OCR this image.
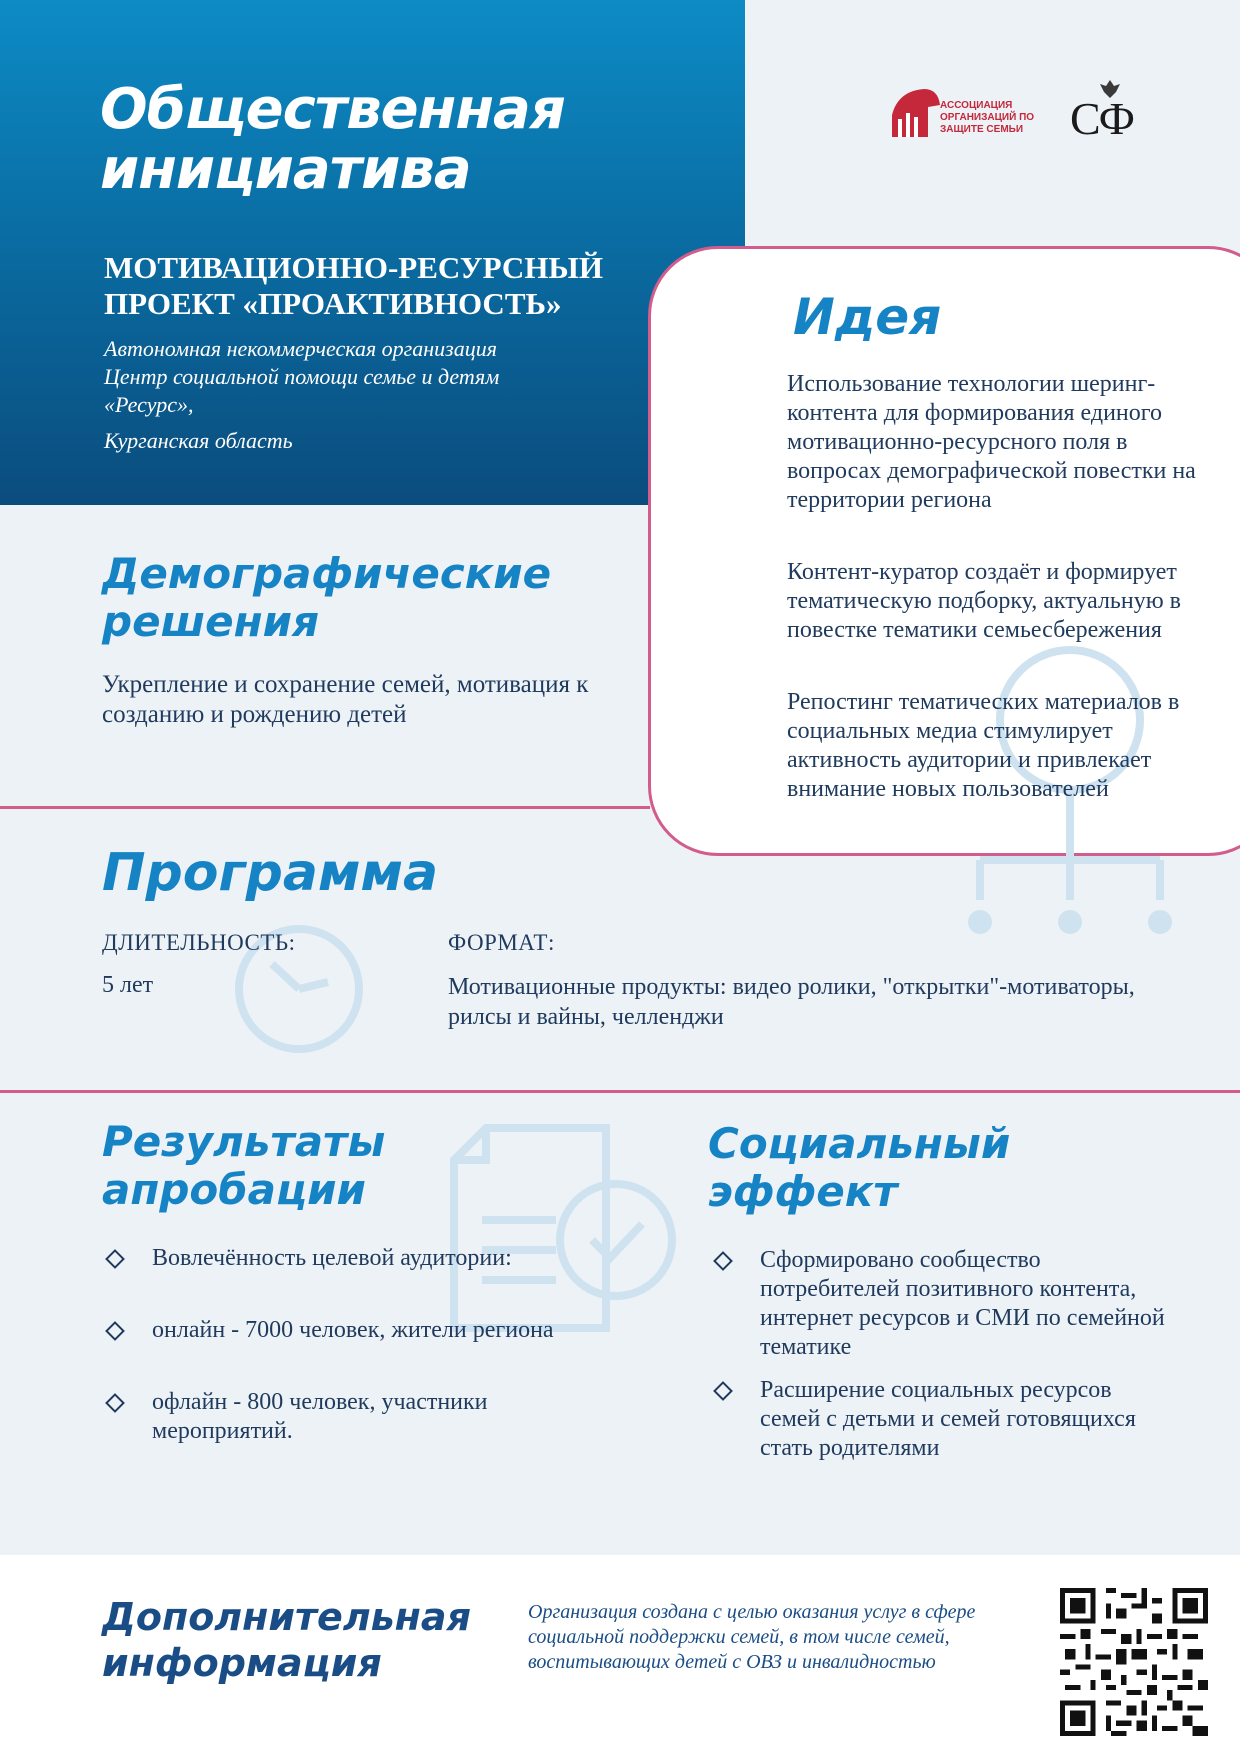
Общественная инициатива
МОТИВАЦИОННО-РЕСУРСНЫЙ ПРОЕКТ «ПРОАКТИВНОСТЬ»
Автономная некоммерческая организация
Центр социальной помощи семье и детям
«Ресурс»,
Курганская область
АССОЦИАЦИЯ ОРГАНИЗАЦИЙ ПО ЗАЩИТЕ СЕМЬИ	СФ
Идея
Использование технологии шеринг-контента для формирования единого мотивационно-ресурсного поля в вопросах демографической повестки на территории региона
Контент-куратор создаёт и формирует тематическую подборку, актуальную в повестке тематики семьесбережения
Репостинг тематических материалов в социальных медиа стимулирует активность аудитории и привлекает внимание новых пользователей
Демографические решения
Укрепление и сохранение семей, мотивация к созданию и рождению детей
Программа
ДЛИТЕЛЬНОСТЬ:
5 лет
ФОРМАТ:
Мотивационные продукты: видео ролики, "открытки"-мотиваторы, рилсы и вайны, челленджи
Результаты апробации
Вовлечённость целевой аудитории:
онлайн - 7000 человек, жители региона
офлайн - 800 человек, участники мероприятий.
Социальный эффект
Сформировано сообщество потребителей позитивного контента, интернет ресурсов и СМИ по семейной тематике
Расширение социальных ресурсов семей с детьми и семей готовящихся стать родителями
Дополнительная информация
Организация создана с целью оказания услуг в сфере социальной поддержки семей, в том числе семей, воспитывающих детей с ОВЗ и инвалидностью
